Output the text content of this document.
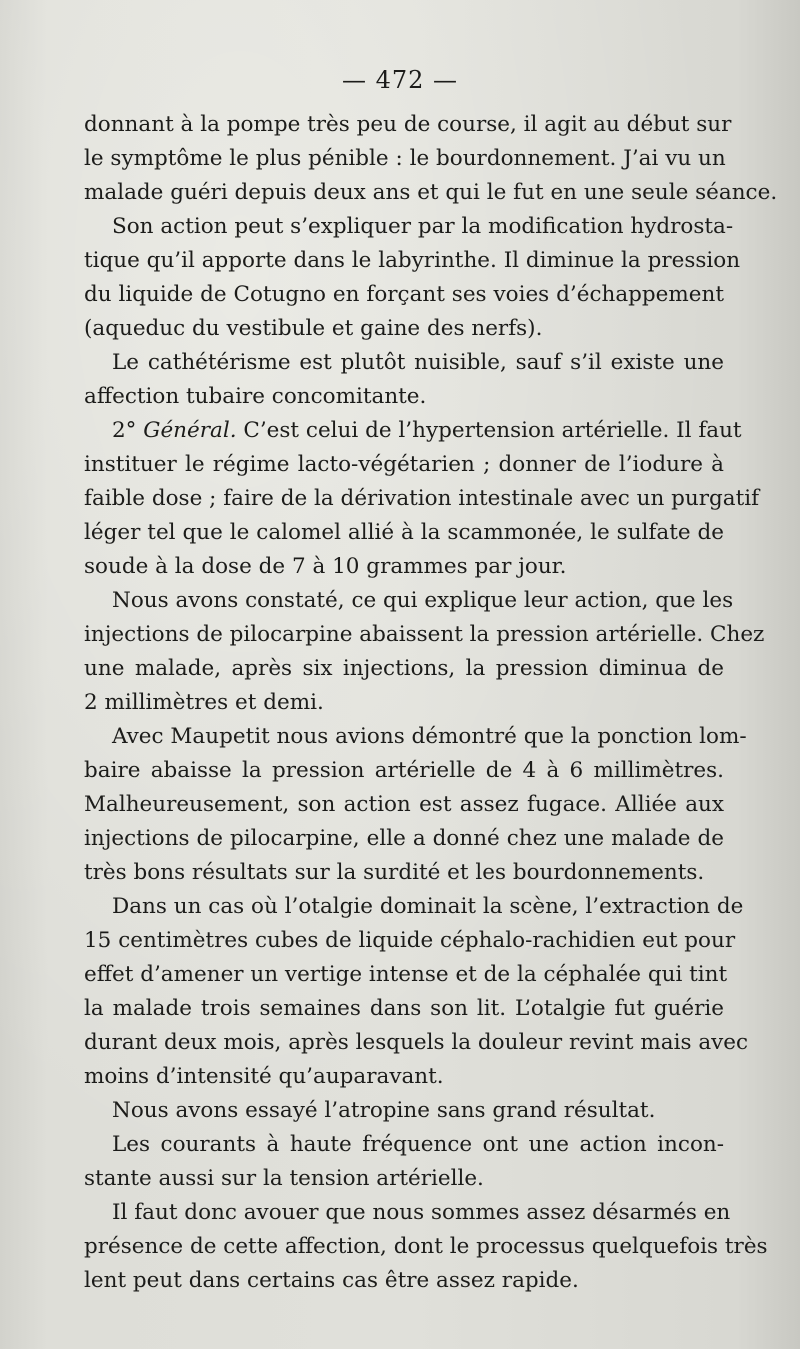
— 472 —
donnant à la pompe très peu de course, il agit au début sur
le symptôme le plus pénible : le bourdonnement. J’ai vu un
malade guéri depuis deux ans et qui le fut en une seule séance.
Son action peut s’expliquer par la modification hydrosta-
tique qu’il apporte dans le labyrinthe. Il diminue la pression
du liquide de Cotugno en forçant ses voies d’échappement
(aqueduc du vestibule et gaine des nerfs).
Le cathétérisme est plutôt nuisible, sauf s’il existe une
affection tubaire concomitante.
2° Général. C’est celui de l’hypertension artérielle. Il faut
instituer le régime lacto-végétarien ; donner de l’iodure à
faible dose ; faire de la dérivation intestinale avec un purgatif
léger tel que le calomel allié à la scammonée, le sulfate de
soude à la dose de 7 à 10 grammes par jour.
Nous avons constaté, ce qui explique leur action, que les
injections de pilocarpine abaissent la pression artérielle. Chez
une malade, après six injections, la pression diminua de
2 millimètres et demi.
Avec Maupetit nous avions démontré que la ponction lom-
baire abaisse la pression artérielle de 4 à 6 millimètres.
Malheureusement, son action est assez fugace. Alliée aux
injections de pilocarpine, elle a donné chez une malade de
très bons résultats sur la surdité et les bourdonnements.
Dans un cas où l’otalgie dominait la scène, l’extraction de
15 centimètres cubes de liquide céphalo-rachidien eut pour
effet d’amener un vertige intense et de la céphalée qui tint
la malade trois semaines dans son lit. L’otalgie fut guérie
durant deux mois, après lesquels la douleur revint mais avec
moins d’intensité qu’auparavant.
Nous avons essayé l’atropine sans grand résultat.
Les courants à haute fréquence ont une action incon-
stante aussi sur la tension artérielle.
Il faut donc avouer que nous sommes assez désarmés en
présence de cette affection, dont le processus quelquefois très
lent peut dans certains cas être assez rapide.
